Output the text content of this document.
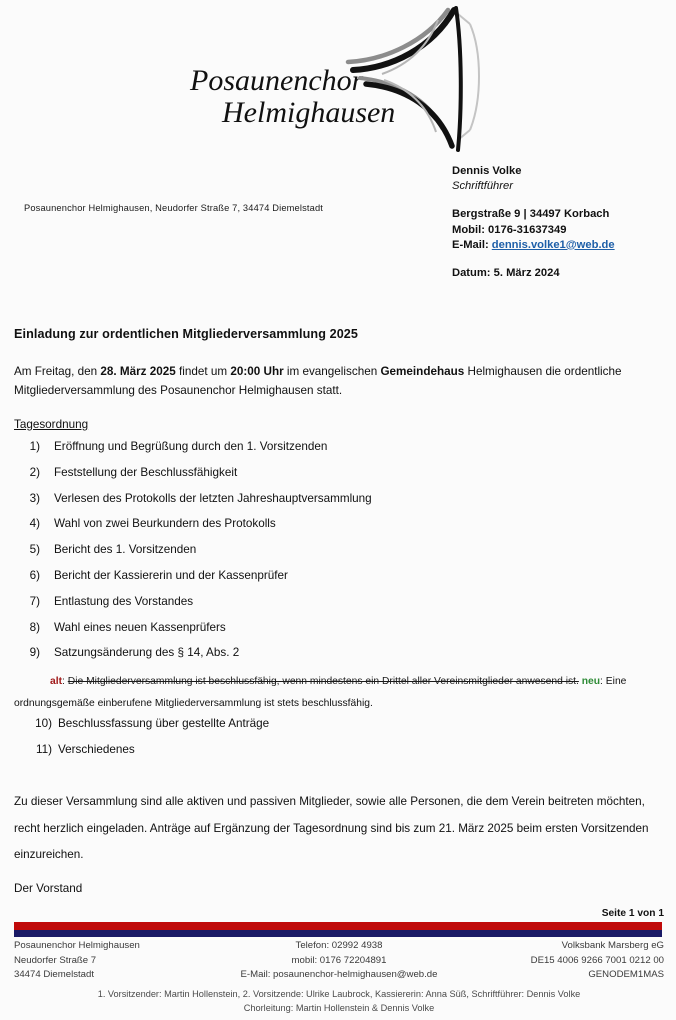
Posaunenchor
Helmighausen
Posaunenchor Helmighausen, Neudorfer Straße 7, 34474 Diemelstadt
Dennis Volke
Schriftführer
Bergstraße 9 | 34497 Korbach
Mobil: 0176-31637349
E-Mail: dennis.volke1@web.de
Datum: 5. März 2024
Einladung zur ordentlichen Mitgliederversammlung 2025
Am Freitag, den 28. März 2025 findet um 20:00 Uhr im evangelischen Gemeindehaus Helmighausen die ordentliche Mitgliederversammlung des Posaunenchor Helmighausen statt.
Tagesordnung
1)	Eröffnung und Begrüßung durch den 1. Vorsitzenden
2)	Feststellung der Beschlussfähigkeit
3)	Verlesen des Protokolls der letzten Jahreshauptversammlung
4)	Wahl von zwei Beurkundern des Protokolls
5)	Bericht des 1. Vorsitzenden
6)	Bericht der Kassiererin und der Kassenprüfer
7)	Entlastung des Vorstandes
8)	Wahl eines neuen Kassenprüfers
9)	Satzungsänderung des § 14, Abs. 2
alt: Die Mitgliederversammlung ist beschlussfähig, wenn mindestens ein Drittel aller Vereinsmitglieder anwesend ist. neu: Eine ordnungsgemäße einberufene Mitgliederversammlung ist stets beschlussfähig.
10) Beschlussfassung über gestellte Anträge
11) Verschiedenes
Zu dieser Versammlung sind alle aktiven und passiven Mitglieder, sowie alle Personen, die dem Verein beitreten möchten, recht herzlich eingeladen. Anträge auf Ergänzung der Tagesordnung sind bis zum 21. März 2025 beim ersten Vorsitzenden einzureichen.
Der Vorstand
Seite 1 von 1
Posaunenchor Helmighausen
Neudorfer Straße 7
34474 Diemelstadt
Telefon: 02992 4938
mobil: 0176 72204891
E-Mail: posaunenchor-helmighausen@web.de
Volksbank Marsberg eG
DE15 4006 9266 7001 0212 00
GENODEM1MAS
1. Vorsitzender: Martin Hollenstein, 2. Vorsitzende: Ulrike Laubrock, Kassiererin: Anna Süß, Schriftführer: Dennis Volke
Chorleitung: Martin Hollenstein & Dennis Volke
